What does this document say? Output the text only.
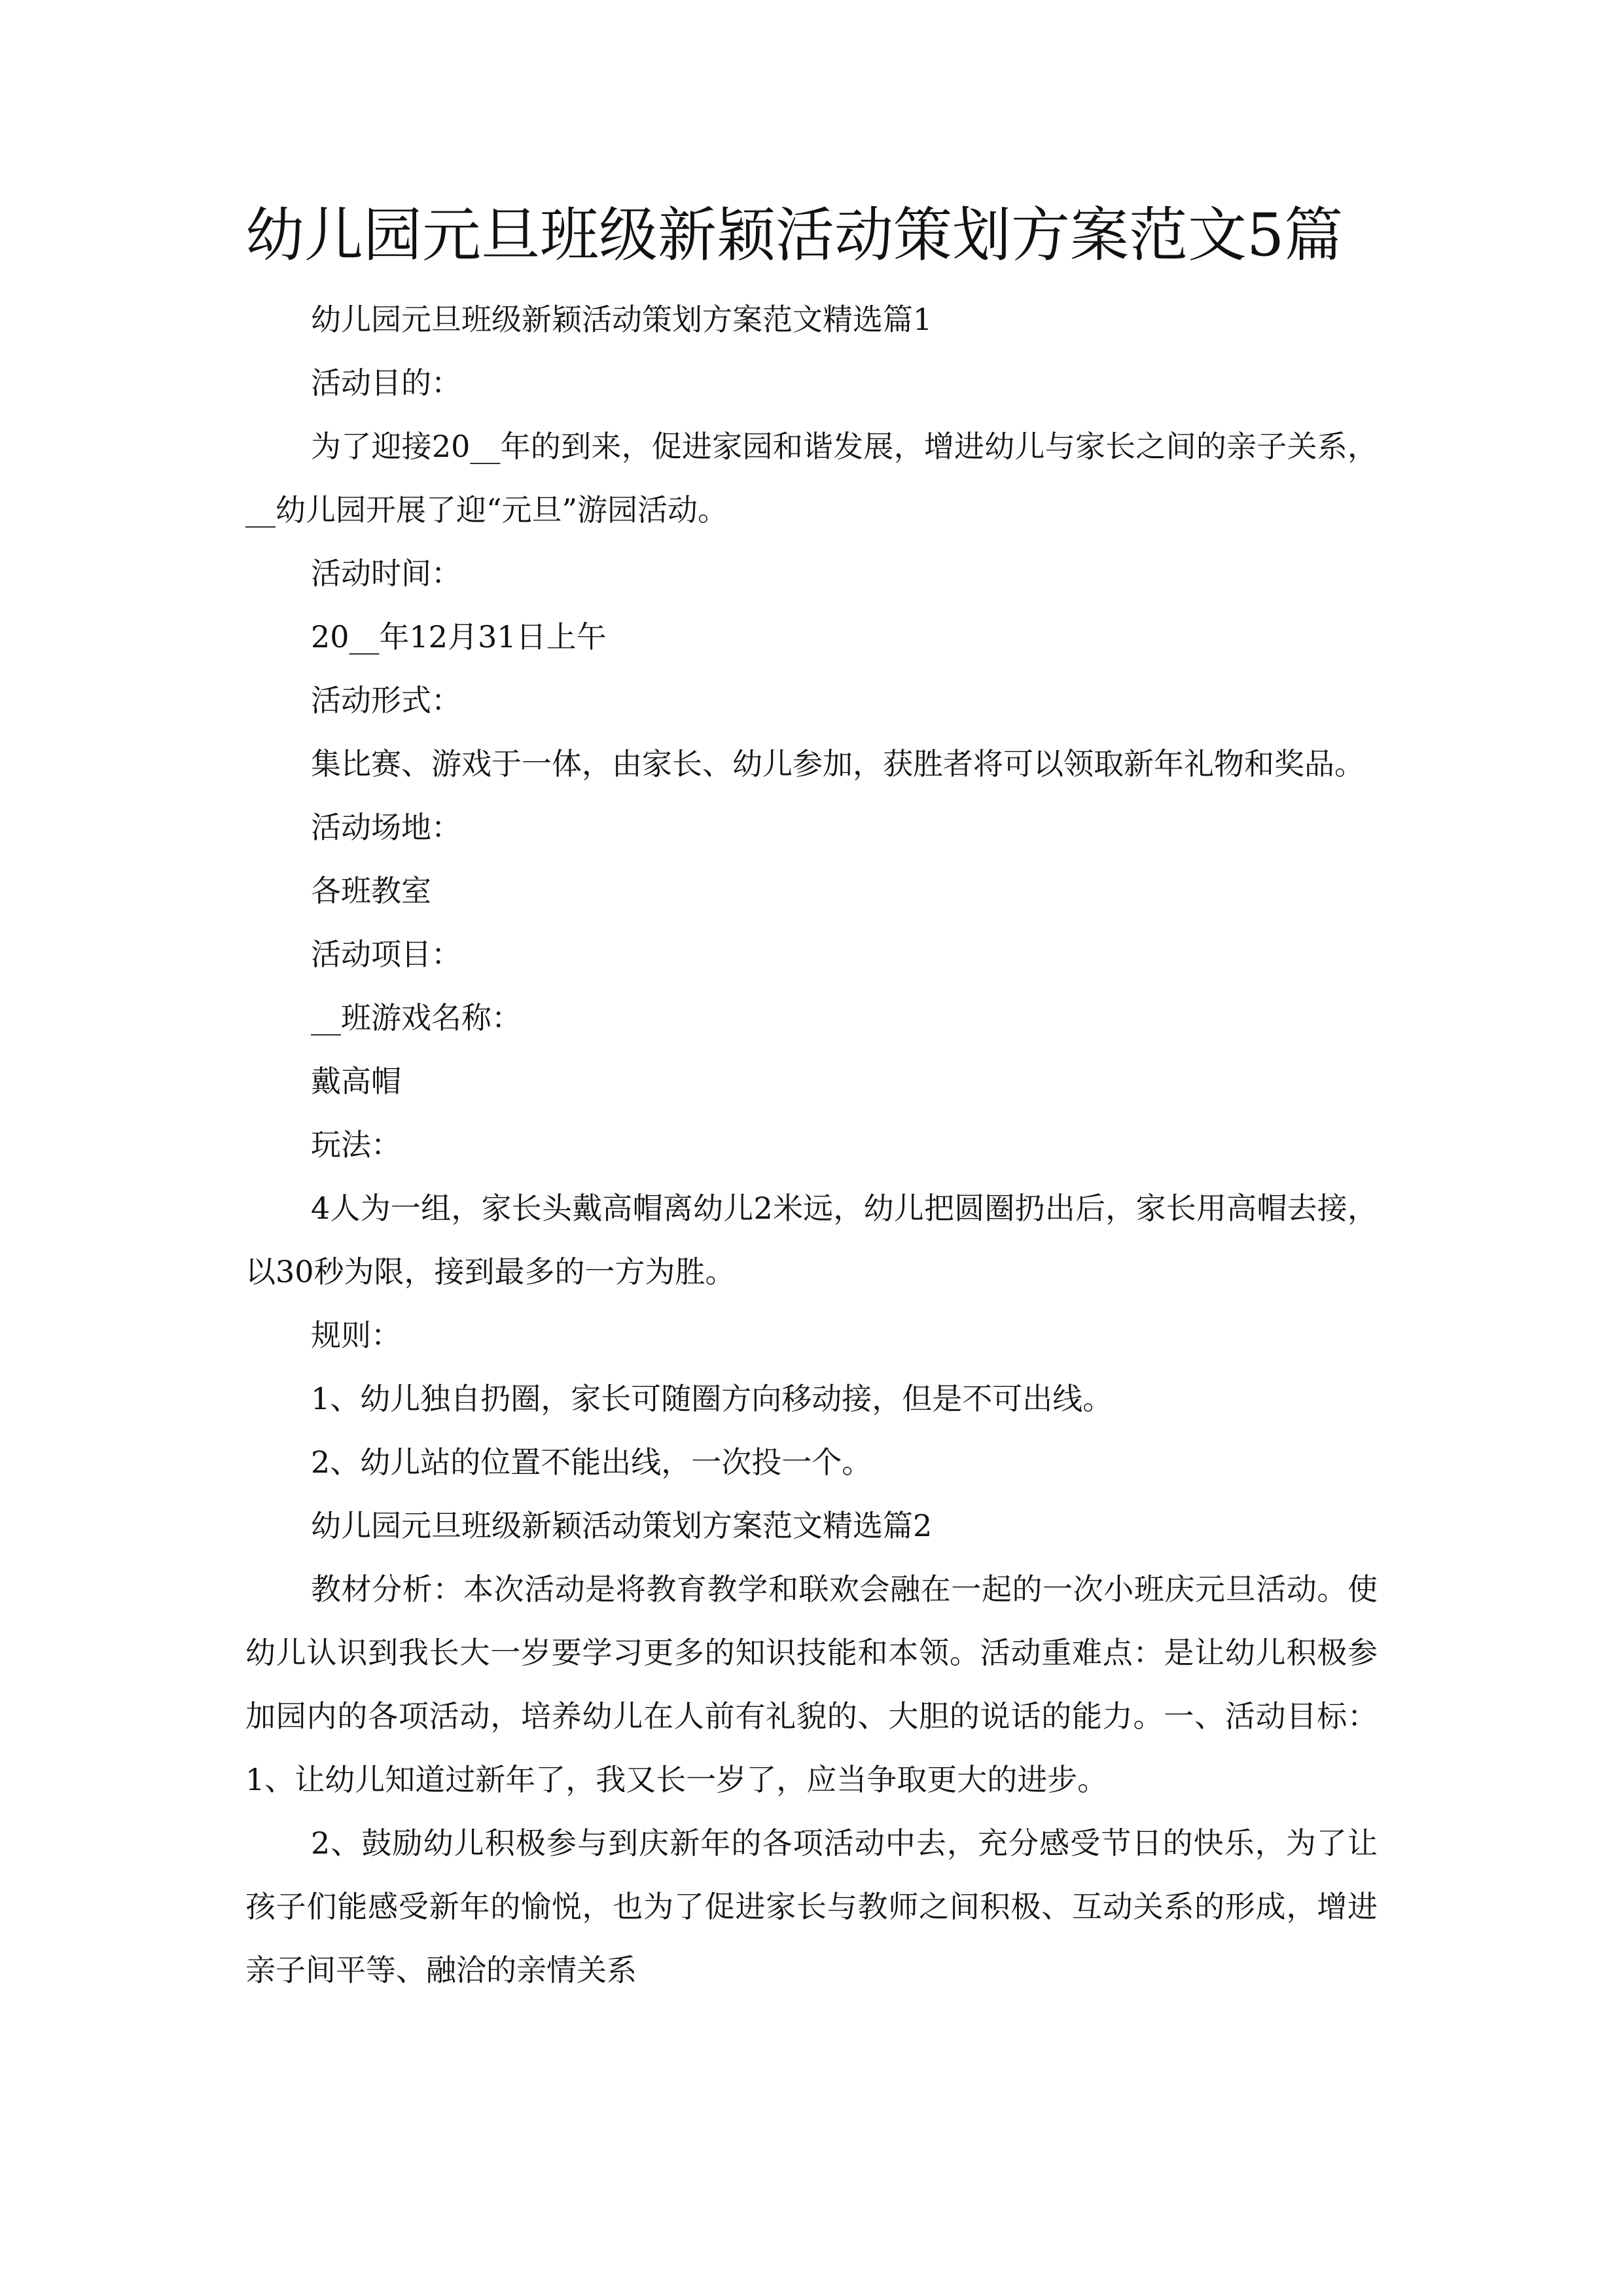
幼儿园元旦班级新颖活动策划方案范文5篇

幼儿园元旦班级新颖活动策划方案范文精选篇1

活动目的：

为了迎接20__年的到来，促进家园和谐发展，增进幼儿与家长之间的亲子关系，__幼儿园开展了迎“元旦”游园活动。

活动时间：

20__年12月31日上午

活动形式：

集比赛、游戏于一体，由家长、幼儿参加，获胜者将可以领取新年礼物和奖品。

活动场地：

各班教室

活动项目：

__班游戏名称：

戴高帽

玩法：

4人为一组，家长头戴高帽离幼儿2米远，幼儿把圆圈扔出后，家长用高帽去接，以30秒为限，接到最多的一方为胜。

规则：

1、幼儿独自扔圈，家长可随圈方向移动接，但是不可出线。

2、幼儿站的位置不能出线，一次投一个。

幼儿园元旦班级新颖活动策划方案范文精选篇2

教材分析：本次活动是将教育教学和联欢会融在一起的一次小班庆元旦活动。使幼儿认识到我长大一岁要学习更多的知识技能和本领。活动重难点：是让幼儿积极参加园内的各项活动，培养幼儿在人前有礼貌的、大胆的说话的能力。一、活动目标：1、让幼儿知道过新年了，我又长一岁了，应当争取更大的进步。

2、鼓励幼儿积极参与到庆新年的各项活动中去，充分感受节日的快乐，为了让孩子们能感受新年的愉悦，也为了促进家长与教师之间积极、互动关系的形成，增进亲子间平等、融洽的亲情关系
